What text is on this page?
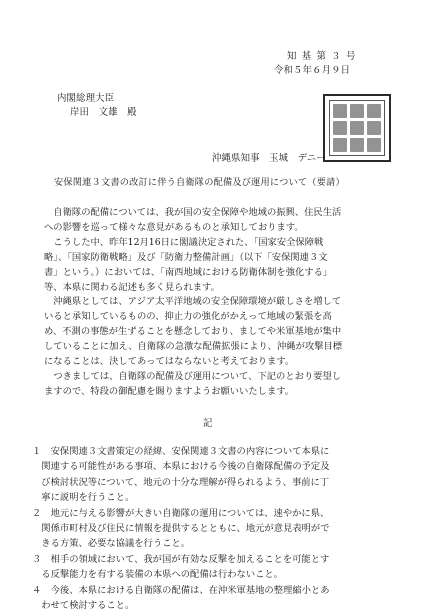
知 基 第 ３ 号
令和５年６月９日
内閣総理大臣
岸田　文雄　殿
沖縄県知事　玉城　デニー
安保関連３文書の改訂に伴う自衛隊の配備及び運用について（要請）
　自衛隊の配備については、我が国の安全保障や地域の振興、住民生活
への影響を巡って様々な意見があるものと承知しております。
　こうした中、昨年12月16日に閣議決定された、「国家安全保障戦
略」、「国家防衛戦略」及び「防衛力整備計画」（以下「安保関連３文
書」という。）においては、「南西地域における防衛体制を強化する」
等、本県に関わる記述も多く見られます。
　沖縄県としては、アジア太平洋地域の安全保障環境が厳しさを増して
いると承知しているものの、抑止力の強化がかえって地域の緊張を高
め、不測の事態が生ずることを懸念しており、ましてや米軍基地が集中
していることに加え、自衛隊の急激な配備拡張により、沖縄が攻撃目標
になることは、決してあってはならないと考えております。
　つきましては、自衛隊の配備及び運用について、下記のとおり要望し
ますので、特段の御配慮を賜りますようお願いいたします。
記
１　安保関連３文書策定の経緯、安保関連３文書の内容について本県に
　関連する可能性がある事項、本県における今後の自衛隊配備の予定及
　び検討状況等について、地元の十分な理解が得られるよう、事前に丁
　寧に説明を行うこと。
２　地元に与える影響が大きい自衛隊の運用については、速やかに県、
　関係市町村及び住民に情報を提供するとともに、地元が意見表明がで
　きる方策、必要な協議を行うこと。
３　相手の領域において、我が国が有効な反撃を加えることを可能とす
　る反撃能力を有する装備の本県への配備は行わないこと。
４　今後、本県における自衛隊の配備は、在沖米軍基地の整理縮小とあ
　わせて検討すること。
